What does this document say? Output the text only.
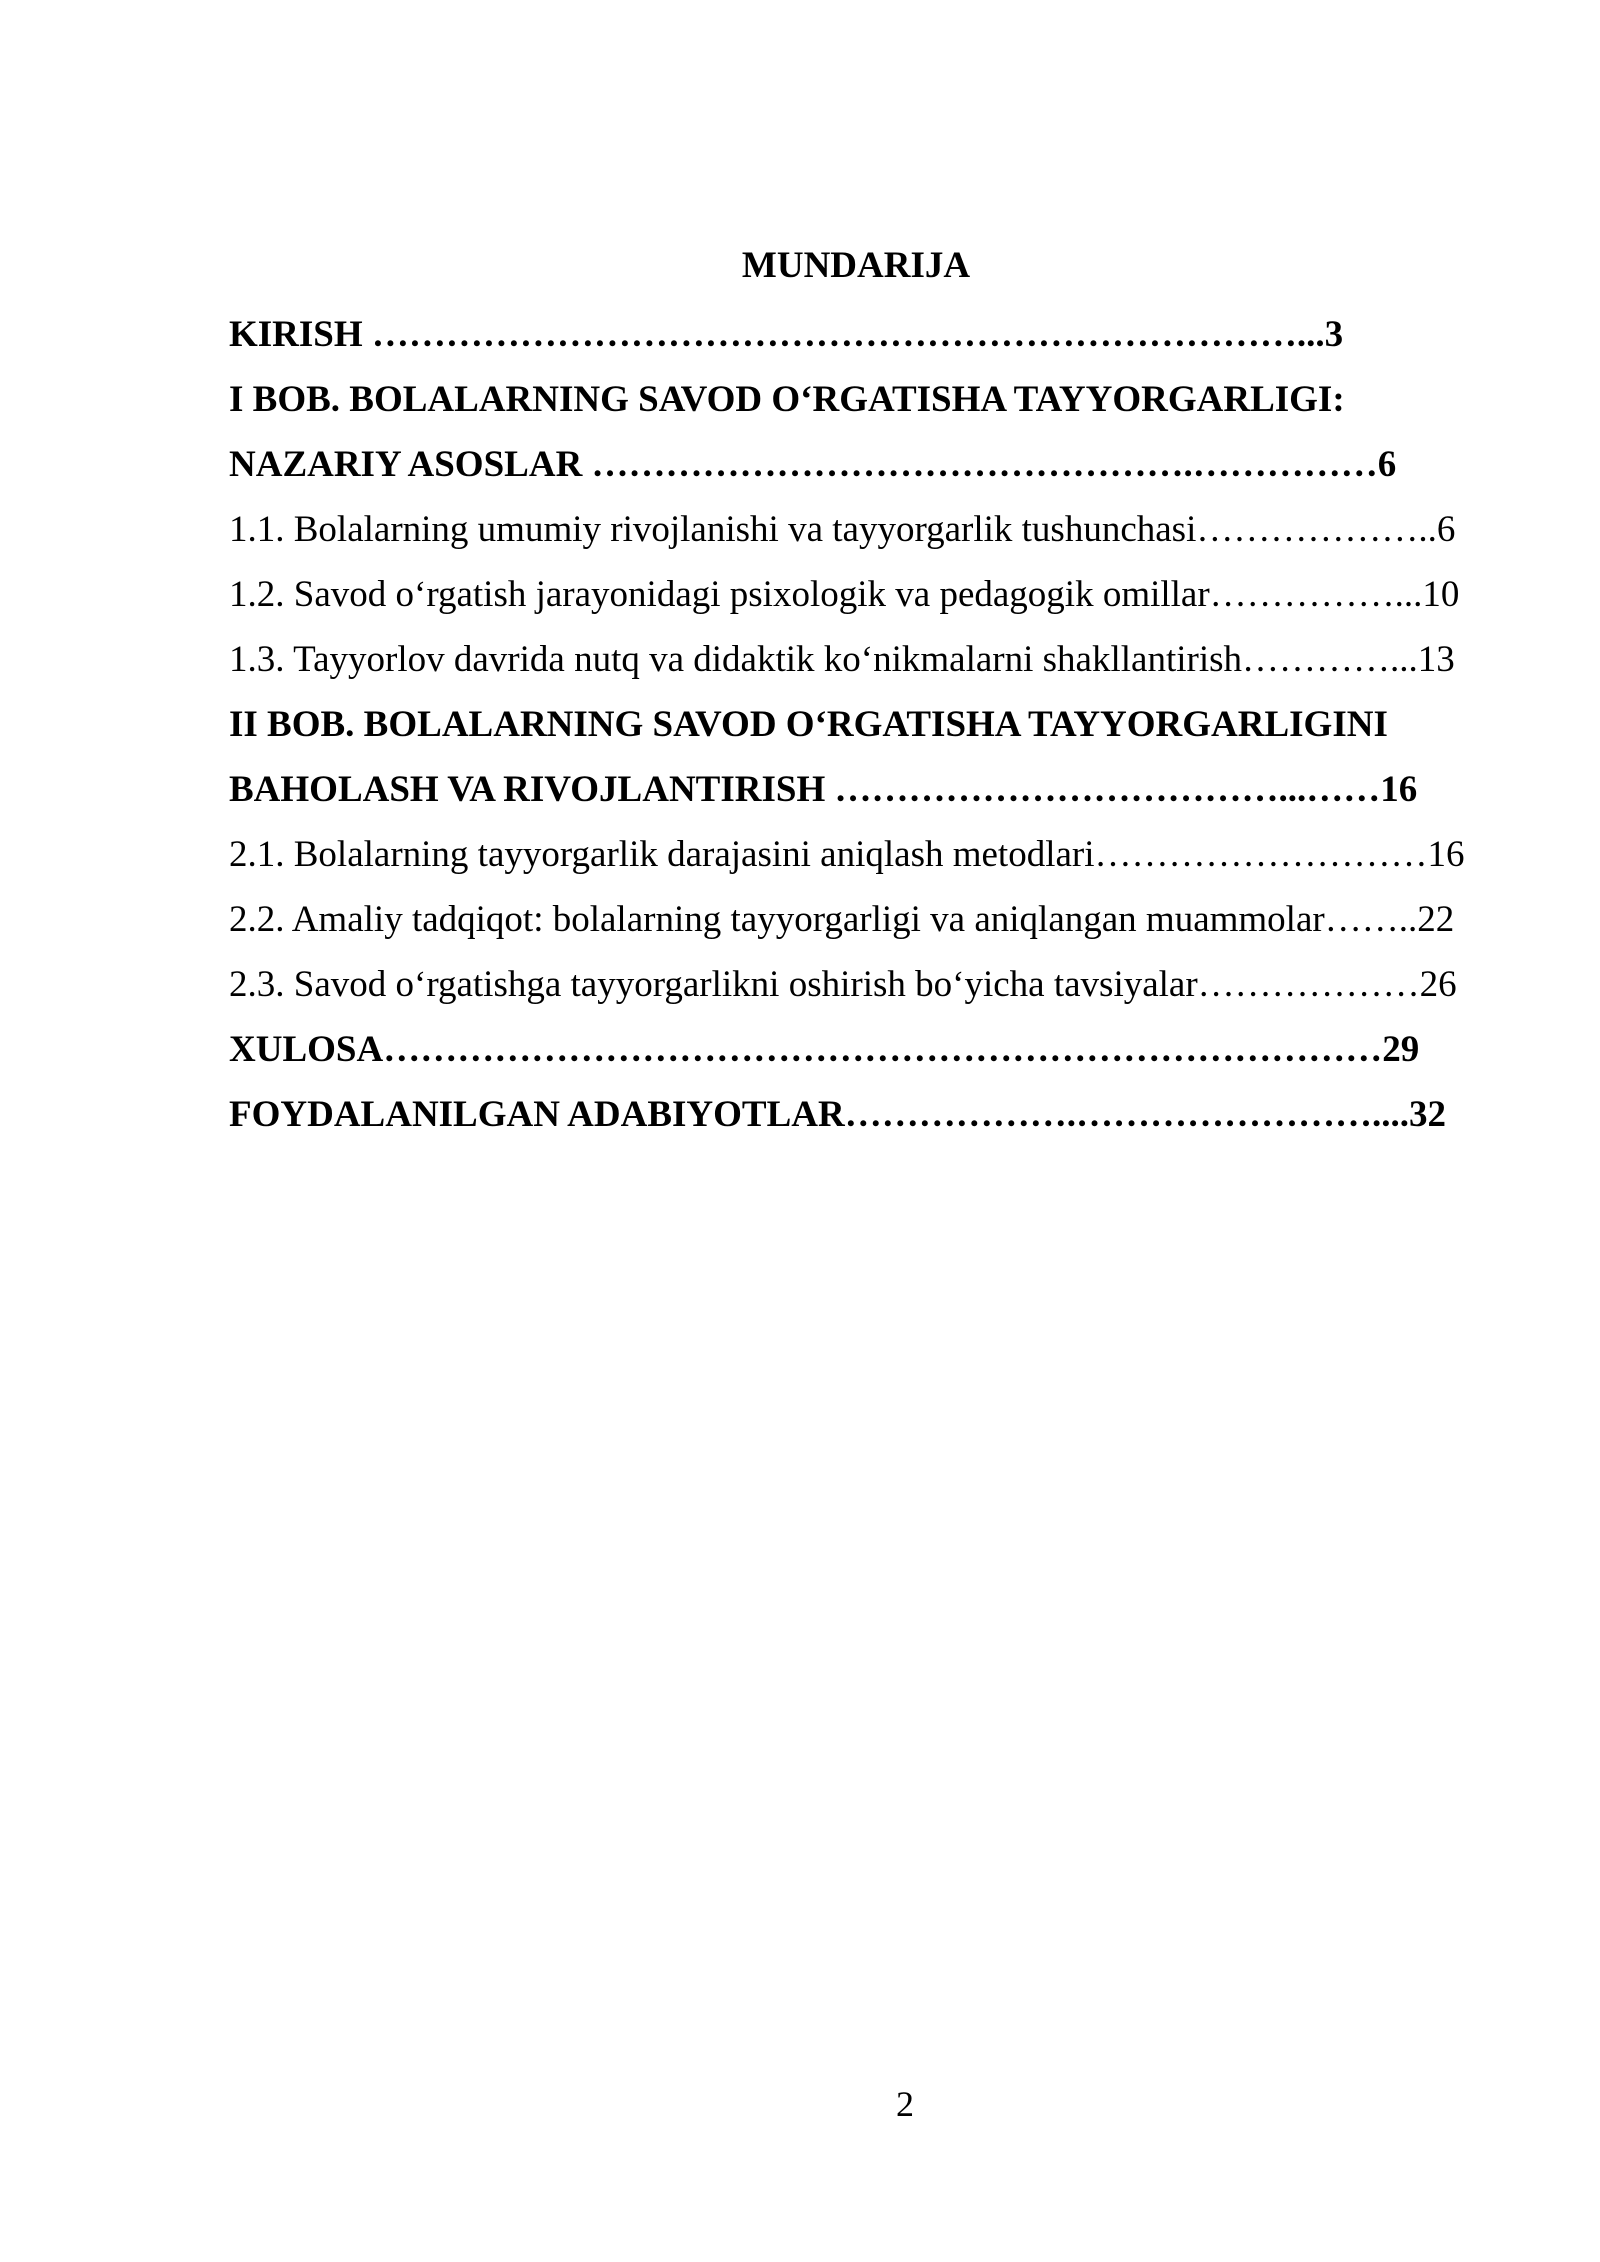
MUNDARIJA
KIRISH …………………………………………………………………...3
I BOB. BOLALARNING SAVOD O‘RGATISHA TAYYORGARLIGI:
NAZARIY ASOSLAR ………………………………………….……………6
1.1. Bolalarning umumiy rivojlanishi va tayyorgarlik tushunchasi………………..6
1.2. Savod o‘rgatish jarayonidagi psixologik va pedagogik omillar……………...10
1.3. Tayyorlov davrida nutq va didaktik ko‘nikmalarni shakllantirish…………...13
II BOB. BOLALARNING SAVOD O‘RGATISHA TAYYORGARLIGINI
BAHOLASH VA RIVOJLANTIRISH ………………………………...……16
2.1. Bolalarning tayyorgarlik darajasini aniqlash metodlari………………………16
2.2. Amaliy tadqiqot: bolalarning tayyorgarligi va aniqlangan muammolar……..22
2.3. Savod o‘rgatishga tayyorgarlikni oshirish bo‘yicha tavsiyalar………………26
XULOSA………………………………………………………………………29
FOYDALANILGAN ADABIYOTLAR……………….……………………....32
2
